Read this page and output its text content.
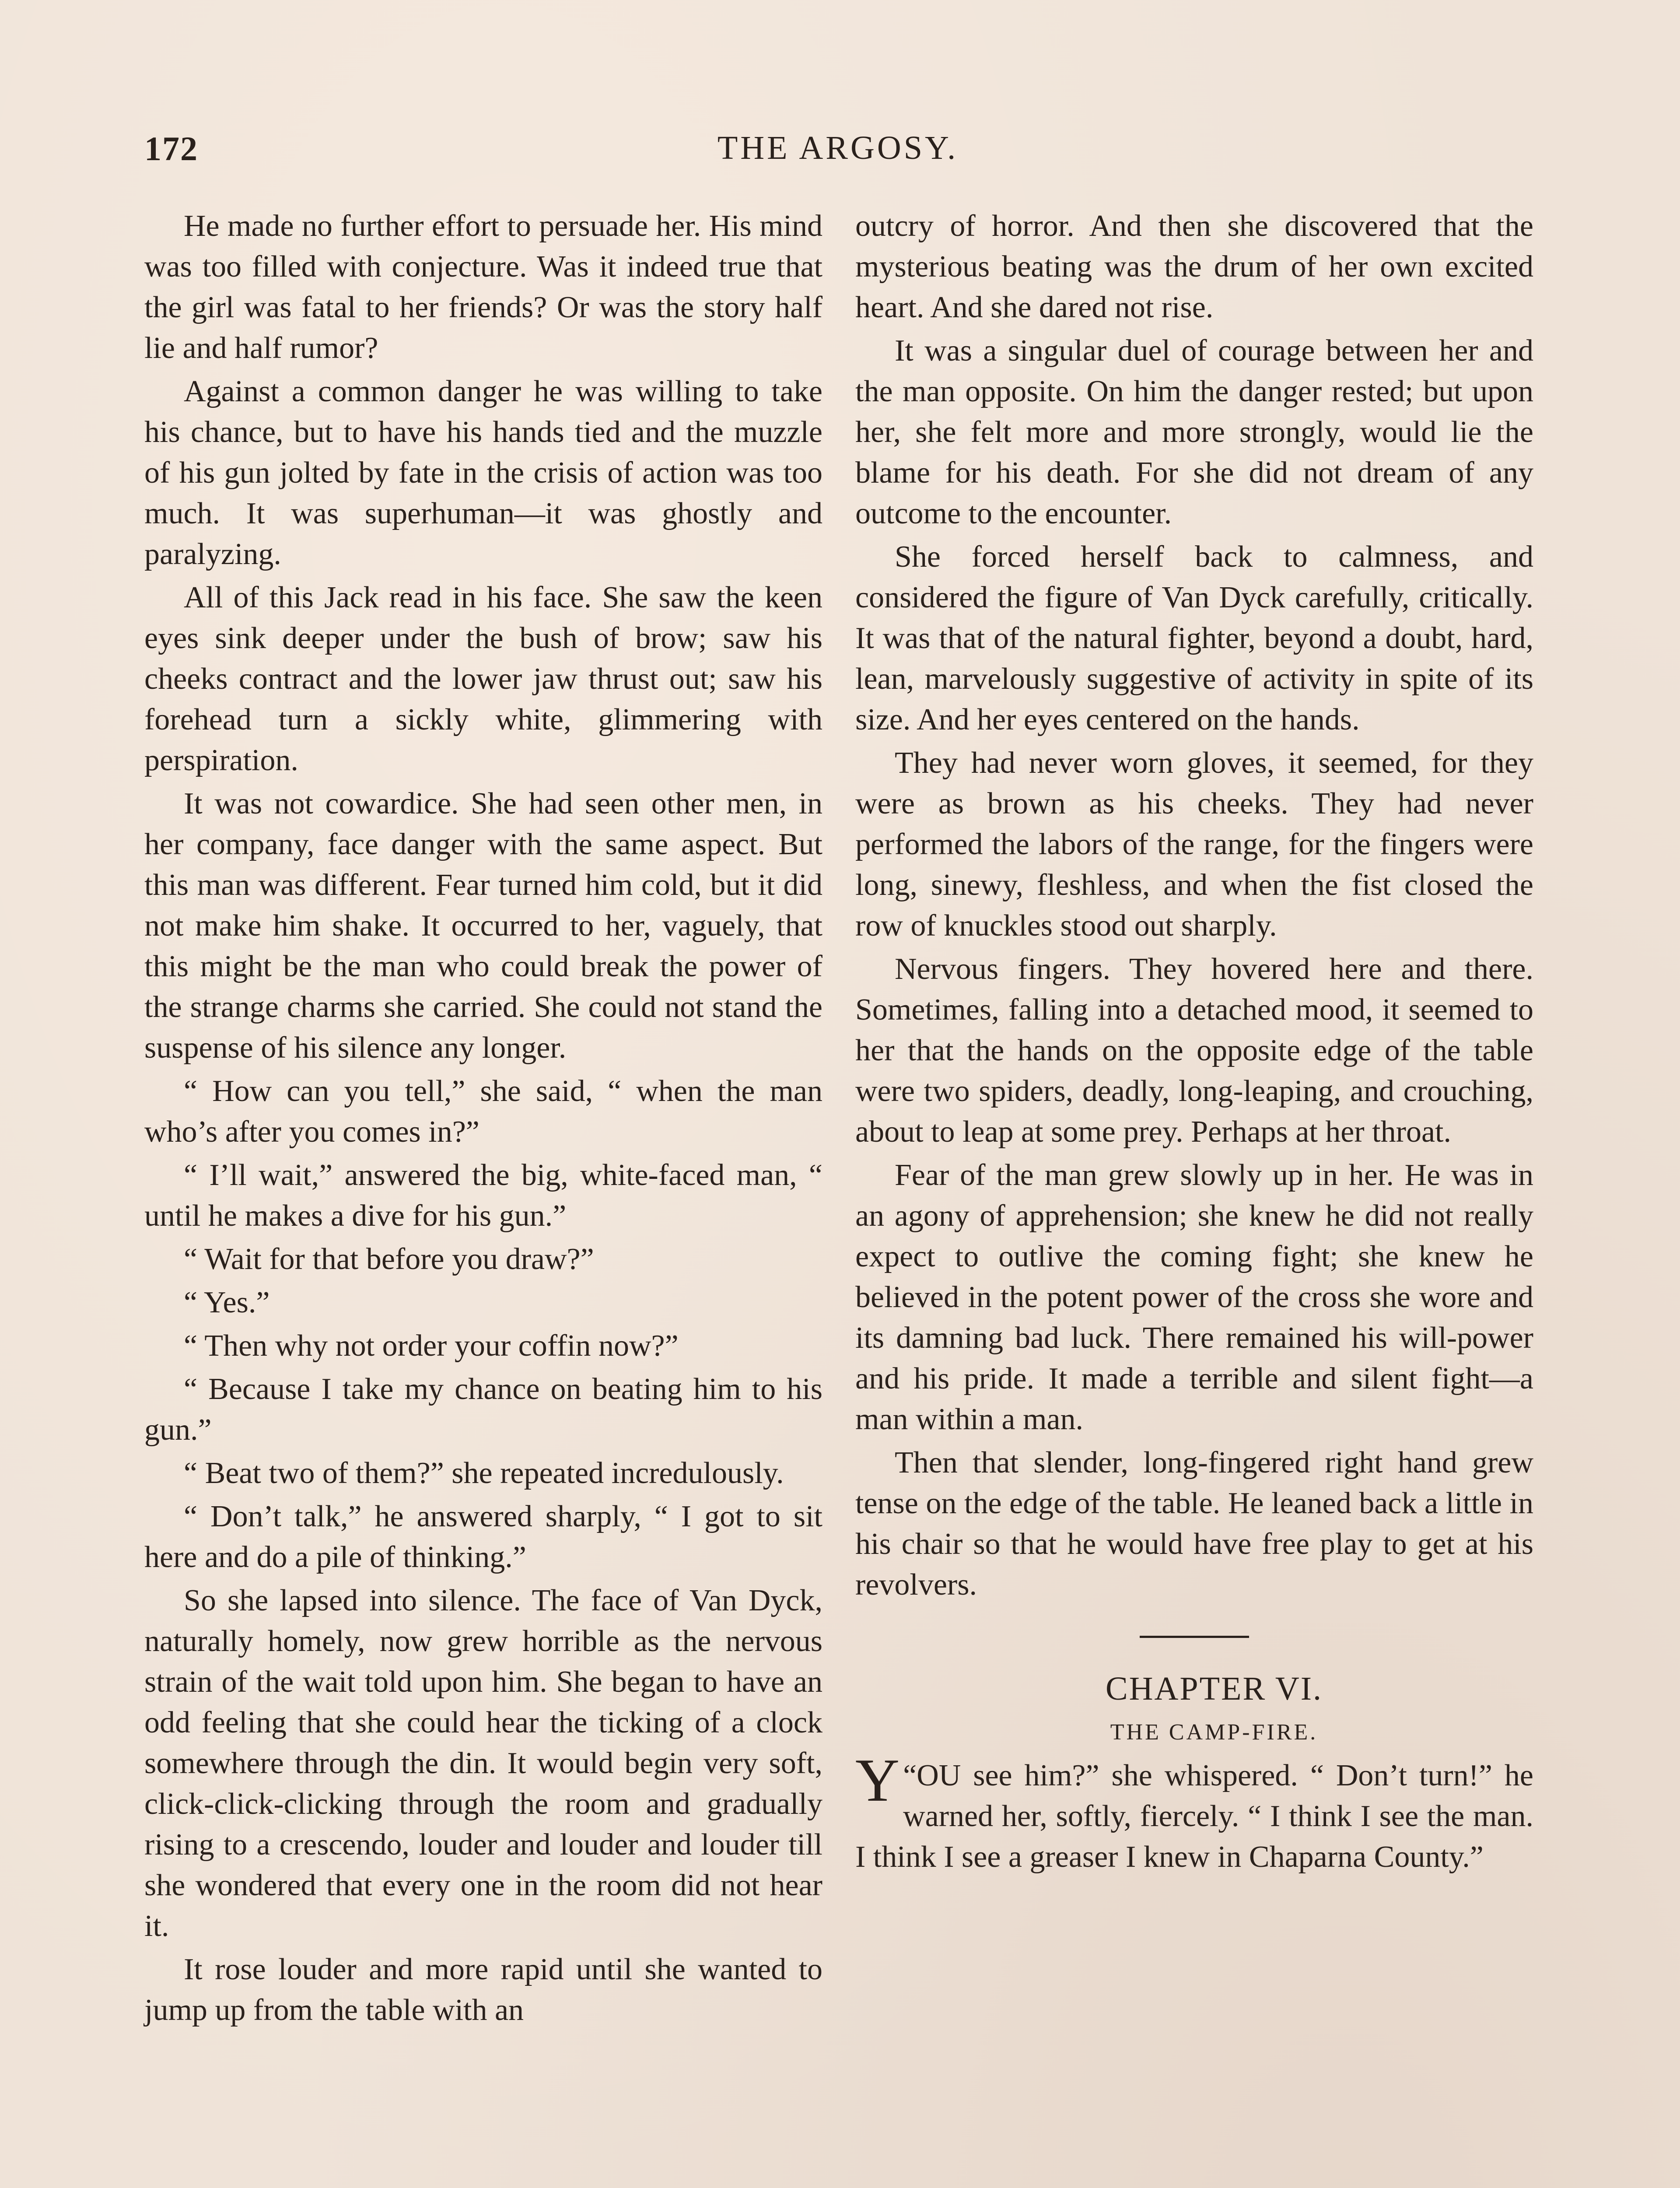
172	THE ARGOSY.

He made no further effort to persuade her. His mind was too filled with conjecture. Was it indeed true that the girl was fatal to her friends? Or was the story half lie and half rumor?

Against a common danger he was willing to take his chance, but to have his hands tied and the muzzle of his gun jolted by fate in the crisis of action was too much. It was superhuman—it was ghostly and paralyzing.

All of this Jack read in his face. She saw the keen eyes sink deeper under the bush of brow; saw his cheeks contract and the lower jaw thrust out; saw his forehead turn a sickly white, glimmering with perspiration.

It was not cowardice. She had seen other men, in her company, face danger with the same aspect. But this man was different. Fear turned him cold, but it did not make him shake. It occurred to her, vaguely, that this might be the man who could break the power of the strange charms she carried. She could not stand the suspense of his silence any longer.

“ How can you tell,” she said, “ when the man who’s after you comes in?”

“ I’ll wait,” answered the big, white-faced man, “ until he makes a dive for his gun.”

“ Wait for that before you draw?”

“ Yes.”

“ Then why not order your coffin now?”

“ Because I take my chance on beating him to his gun.”

“ Beat two of them?” she repeated incredulously.

“ Don’t talk,” he answered sharply, “ I got to sit here and do a pile of thinking.”

So she lapsed into silence. The face of Van Dyck, naturally homely, now grew horrible as the nervous strain of the wait told upon him. She began to have an odd feeling that she could hear the ticking of a clock somewhere through the din. It would begin very soft, click-click-clicking through the room and gradually rising to a crescendo, louder and louder and louder till she wondered that every one in the room did not hear it.

It rose louder and more rapid until she wanted to jump up from the table with an

outcry of horror. And then she discovered that the mysterious beating was the drum of her own excited heart. And she dared not rise.

It was a singular duel of courage between her and the man opposite. On him the danger rested; but upon her, she felt more and more strongly, would lie the blame for his death. For she did not dream of any outcome to the encounter.

She forced herself back to calmness, and considered the figure of Van Dyck carefully, critically. It was that of the natural fighter, beyond a doubt, hard, lean, marvelously suggestive of activity in spite of its size. And her eyes centered on the hands.

They had never worn gloves, it seemed, for they were as brown as his cheeks. They had never performed the labors of the range, for the fingers were long, sinewy, fleshless, and when the fist closed the row of knuckles stood out sharply.

Nervous fingers. They hovered here and there. Sometimes, falling into a detached mood, it seemed to her that the hands on the opposite edge of the table were two spiders, deadly, long-leaping, and crouching, about to leap at some prey. Perhaps at her throat.

Fear of the man grew slowly up in her. He was in an agony of apprehension; she knew he did not really expect to outlive the coming fight; she knew he believed in the potent power of the cross she wore and its damning bad luck. There remained his will-power and his pride. It made a terrible and silent fight—a man within a man.

Then that slender, long-fingered right hand grew tense on the edge of the table. He leaned back a little in his chair so that he would have free play to get at his revolvers.

CHAPTER VI.

THE CAMP-FIRE.

“
Y OU see him?” she whispered. “ Don’t turn!” he warned her, softly, fiercely. “ I think I see the man. I think I see a greaser I knew in Chaparna County.”
